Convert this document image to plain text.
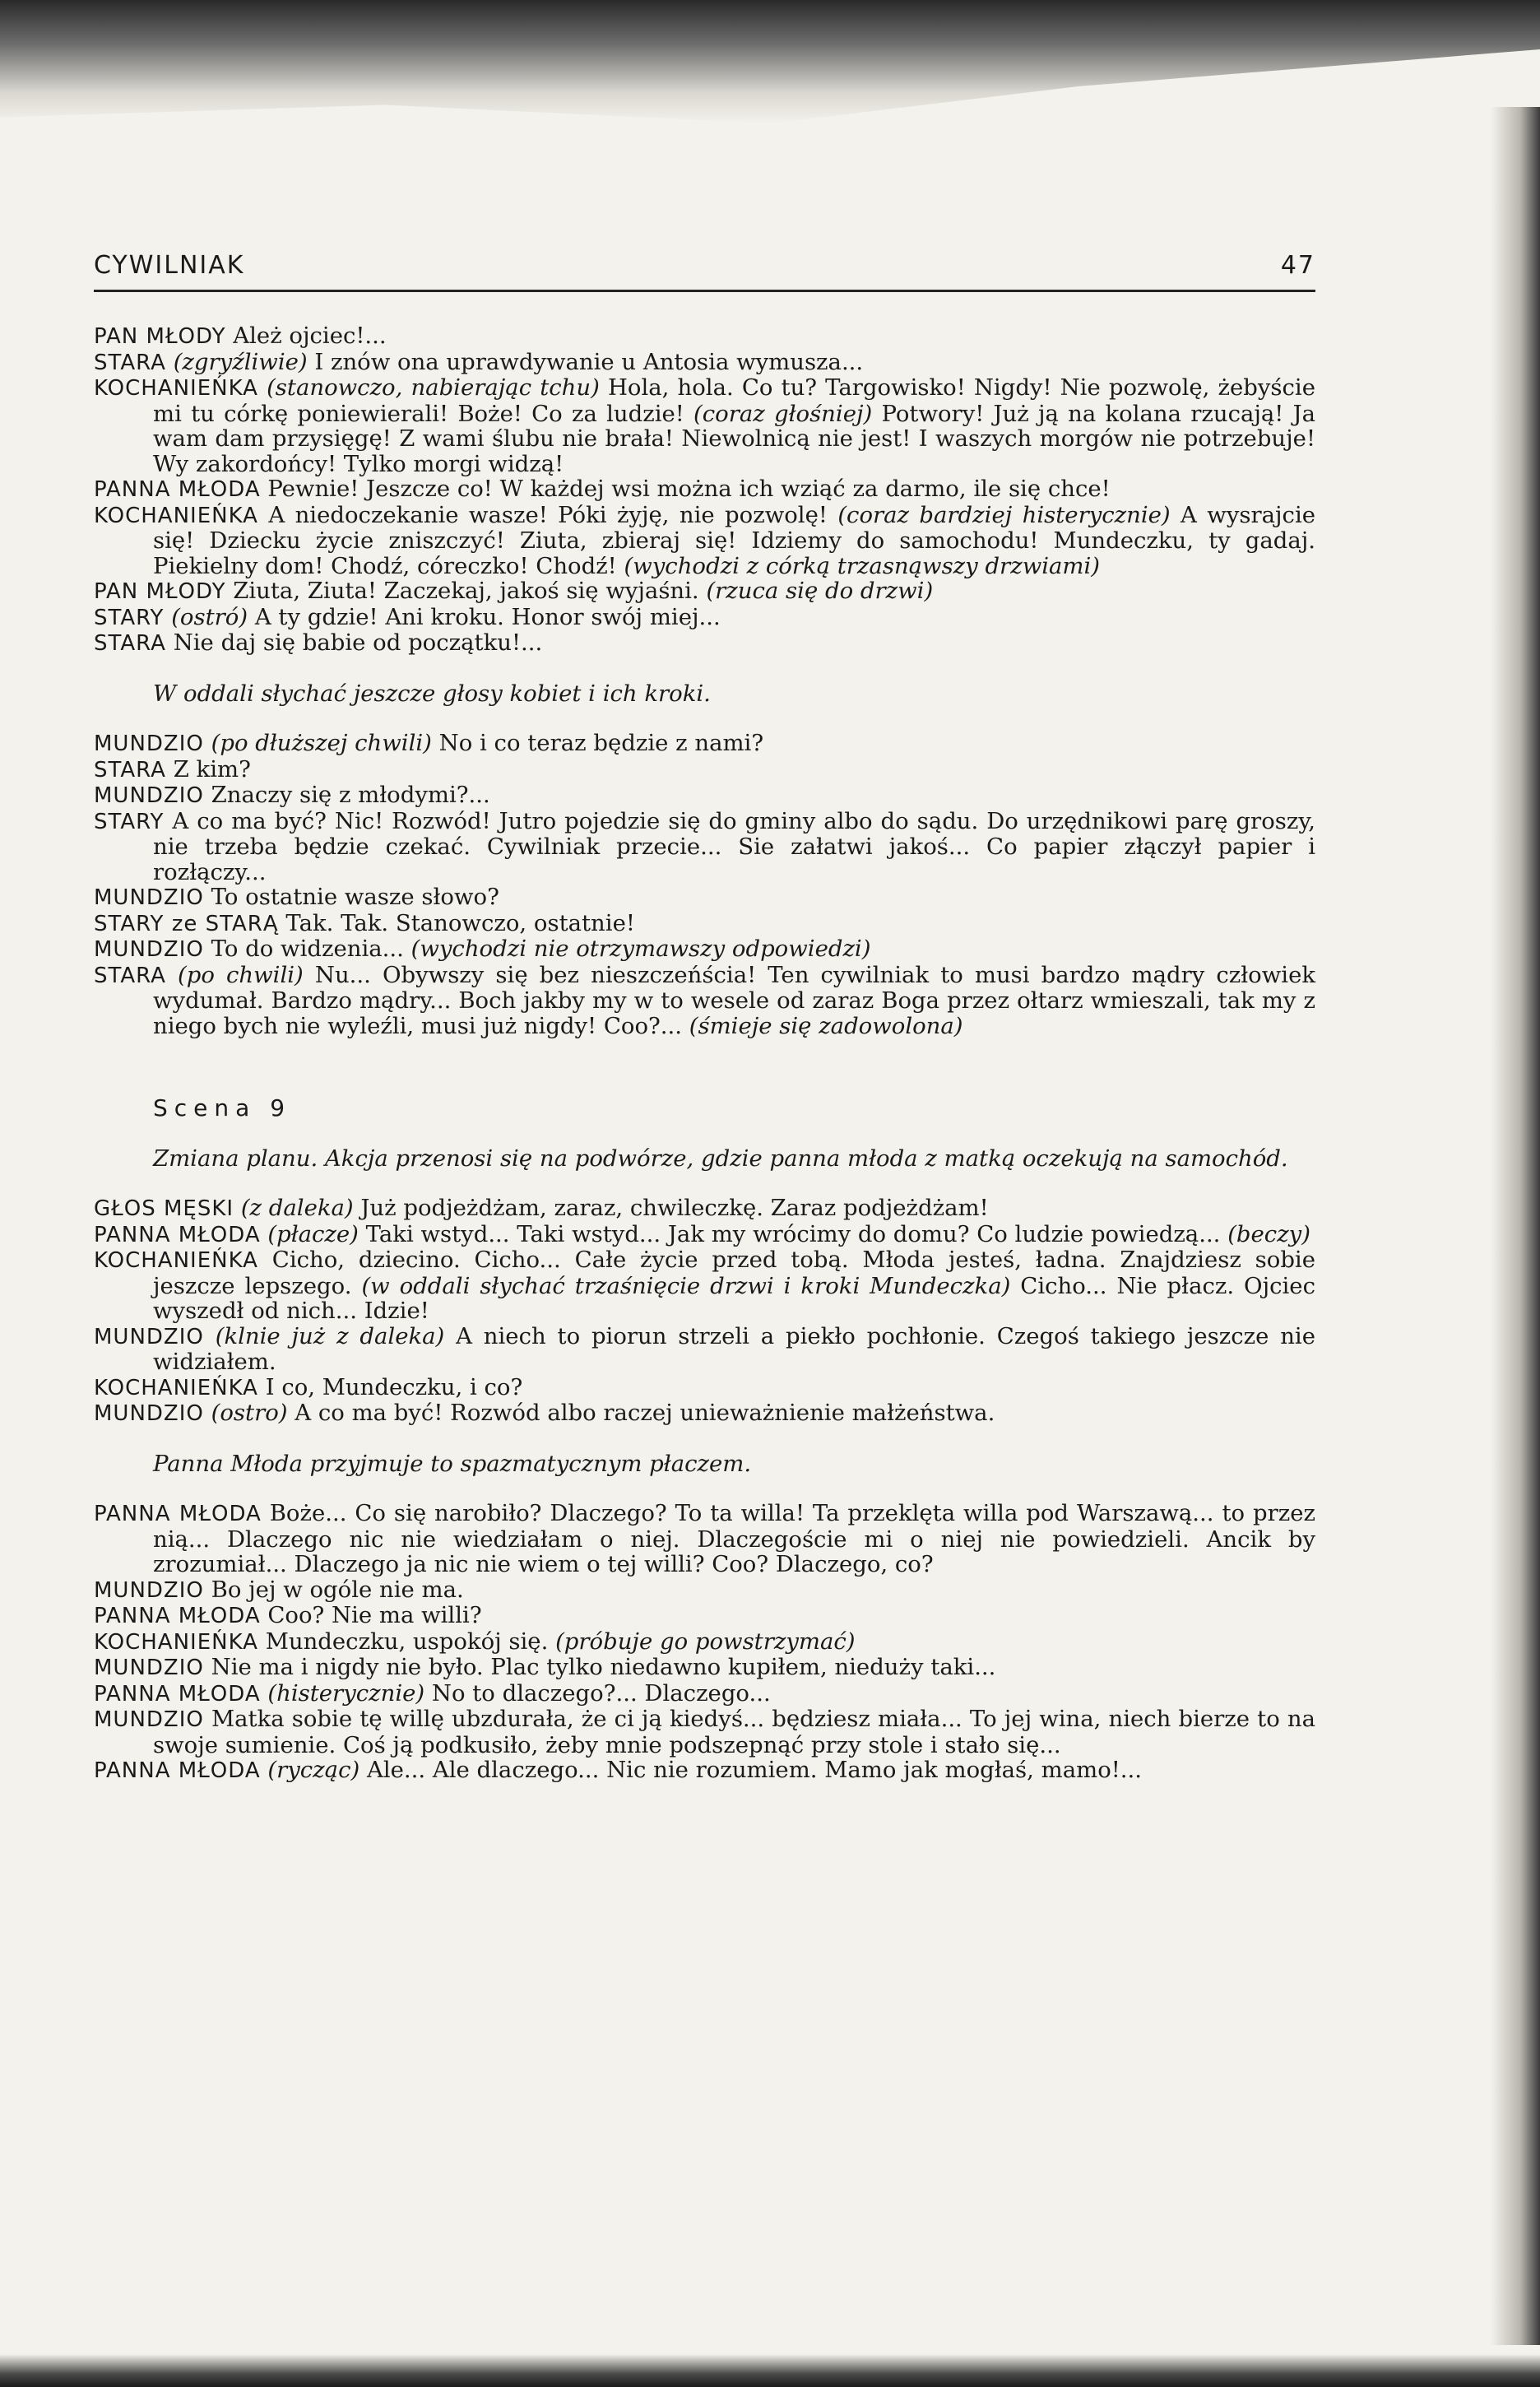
CYWILNIAK	47
PAN MŁODY Ależ ojciec!...
STARA (zgryźliwie) I znów ona uprawdywanie u Antosia wymusza...
KOCHANIEŃKA (stanowczo, nabierając tchu) Hola, hola. Co tu? Targowisko! Nigdy! Nie pozwolę, żebyście mi tu córkę poniewierali! Boże! Co za ludzie! (coraz głośniej) Potwory! Już ją na kolana rzucają! Ja wam dam przysięgę! Z wami ślubu nie brała! Niewolnicą nie jest! I waszych morgów nie potrzebuje! Wy zakordońcy! Tylko morgi widzą!
PANNA MŁODA Pewnie! Jeszcze co! W każdej wsi można ich wziąć za darmo, ile się chce!
KOCHANIEŃKA A niedoczekanie wasze! Póki żyję, nie pozwolę! (coraz bardziej histerycznie) A wysrajcie się! Dziecku życie zniszczyć! Ziuta, zbieraj się! Idziemy do samochodu! Mundeczku, ty gadaj. Piekielny dom! Chodź, córeczko! Chodź! (wychodzi z córką trzasnąwszy drzwiami)
PAN MŁODY Ziuta, Ziuta! Zaczekaj, jakoś się wyjaśni. (rzuca się do drzwi)
STARY (ostró) A ty gdzie! Ani kroku. Honor swój miej...
STARA Nie daj się babie od początku!...
W oddali słychać jeszcze głosy kobiet i ich kroki.
MUNDZIO (po dłuższej chwili) No i co teraz będzie z nami?
STARA Z kim?
MUNDZIO Znaczy się z młodymi?...
STARY A co ma być? Nic! Rozwód! Jutro pojedzie się do gminy albo do sądu. Do urzędnikowi parę groszy, nie trzeba będzie czekać. Cywilniak przecie... Sie załatwi jakoś... Co papier złączył papier i rozłączy...
MUNDZIO To ostatnie wasze słowo?
STARY ze STARĄ Tak. Tak. Stanowczo, ostatnie!
MUNDZIO To do widzenia... (wychodzi nie otrzymawszy odpowiedzi)
STARA (po chwili) Nu... Obywszy się bez nieszczeńścia! Ten cywilniak to musi bardzo mądry człowiek wydumał. Bardzo mądry... Boch jakby my w to wesele od zaraz Boga przez ołtarz wmieszali, tak my z niego bych nie wyleźli, musi już nigdy! Coo?... (śmieje się zadowolona)
Scena 9
Zmiana planu. Akcja przenosi się na podwórze, gdzie panna młoda z matką oczekują na samochód.
GŁOS MĘSKI (z daleka) Już podjeżdżam, zaraz, chwileczkę. Zaraz podjeżdżam!
PANNA MŁODA (płacze) Taki wstyd... Taki wstyd... Jak my wrócimy do domu? Co ludzie powiedzą... (beczy)
KOCHANIEŃKA Cicho, dziecino. Cicho... Całe życie przed tobą. Młoda jesteś, ładna. Znajdziesz sobie jeszcze lepszego. (w oddali słychać trzaśnięcie drzwi i kroki Mundeczka) Cicho... Nie płacz. Ojciec wyszedł od nich... Idzie!
MUNDZIO (klnie już z daleka) A niech to piorun strzeli a piekło pochłonie. Czegoś takiego jeszcze nie widziałem.
KOCHANIEŃKA I co, Mundeczku, i co?
MUNDZIO (ostro) A co ma być! Rozwód albo raczej unieważnienie małżeństwa.
Panna Młoda przyjmuje to spazmatycznym płaczem.
PANNA MŁODA Boże... Co się narobiło? Dlaczego? To ta willa! Ta przeklęta willa pod Warszawą... to przez nią... Dlaczego nic nie wiedziałam o niej. Dlaczegoście mi o niej nie powiedzieli. Ancik by zrozumiał... Dlaczego ja nic nie wiem o tej willi? Coo? Dlaczego, co?
MUNDZIO Bo jej w ogóle nie ma.
PANNA MŁODA Coo? Nie ma willi?
KOCHANIEŃKA Mundeczku, uspokój się. (próbuje go powstrzymać)
MUNDZIO Nie ma i nigdy nie było. Plac tylko niedawno kupiłem, nieduży taki...
PANNA MŁODA (histerycznie) No to dlaczego?... Dlaczego...
MUNDZIO Matka sobie tę willę ubzdurała, że ci ją kiedyś... będziesz miała... To jej wina, niech bierze to na swoje sumienie. Coś ją podkusiło, żeby mnie podszepnąć przy stole i stało się...
PANNA MŁODA (rycząc) Ale... Ale dlaczego... Nic nie rozumiem. Mamo jak mogłaś, mamo!...
